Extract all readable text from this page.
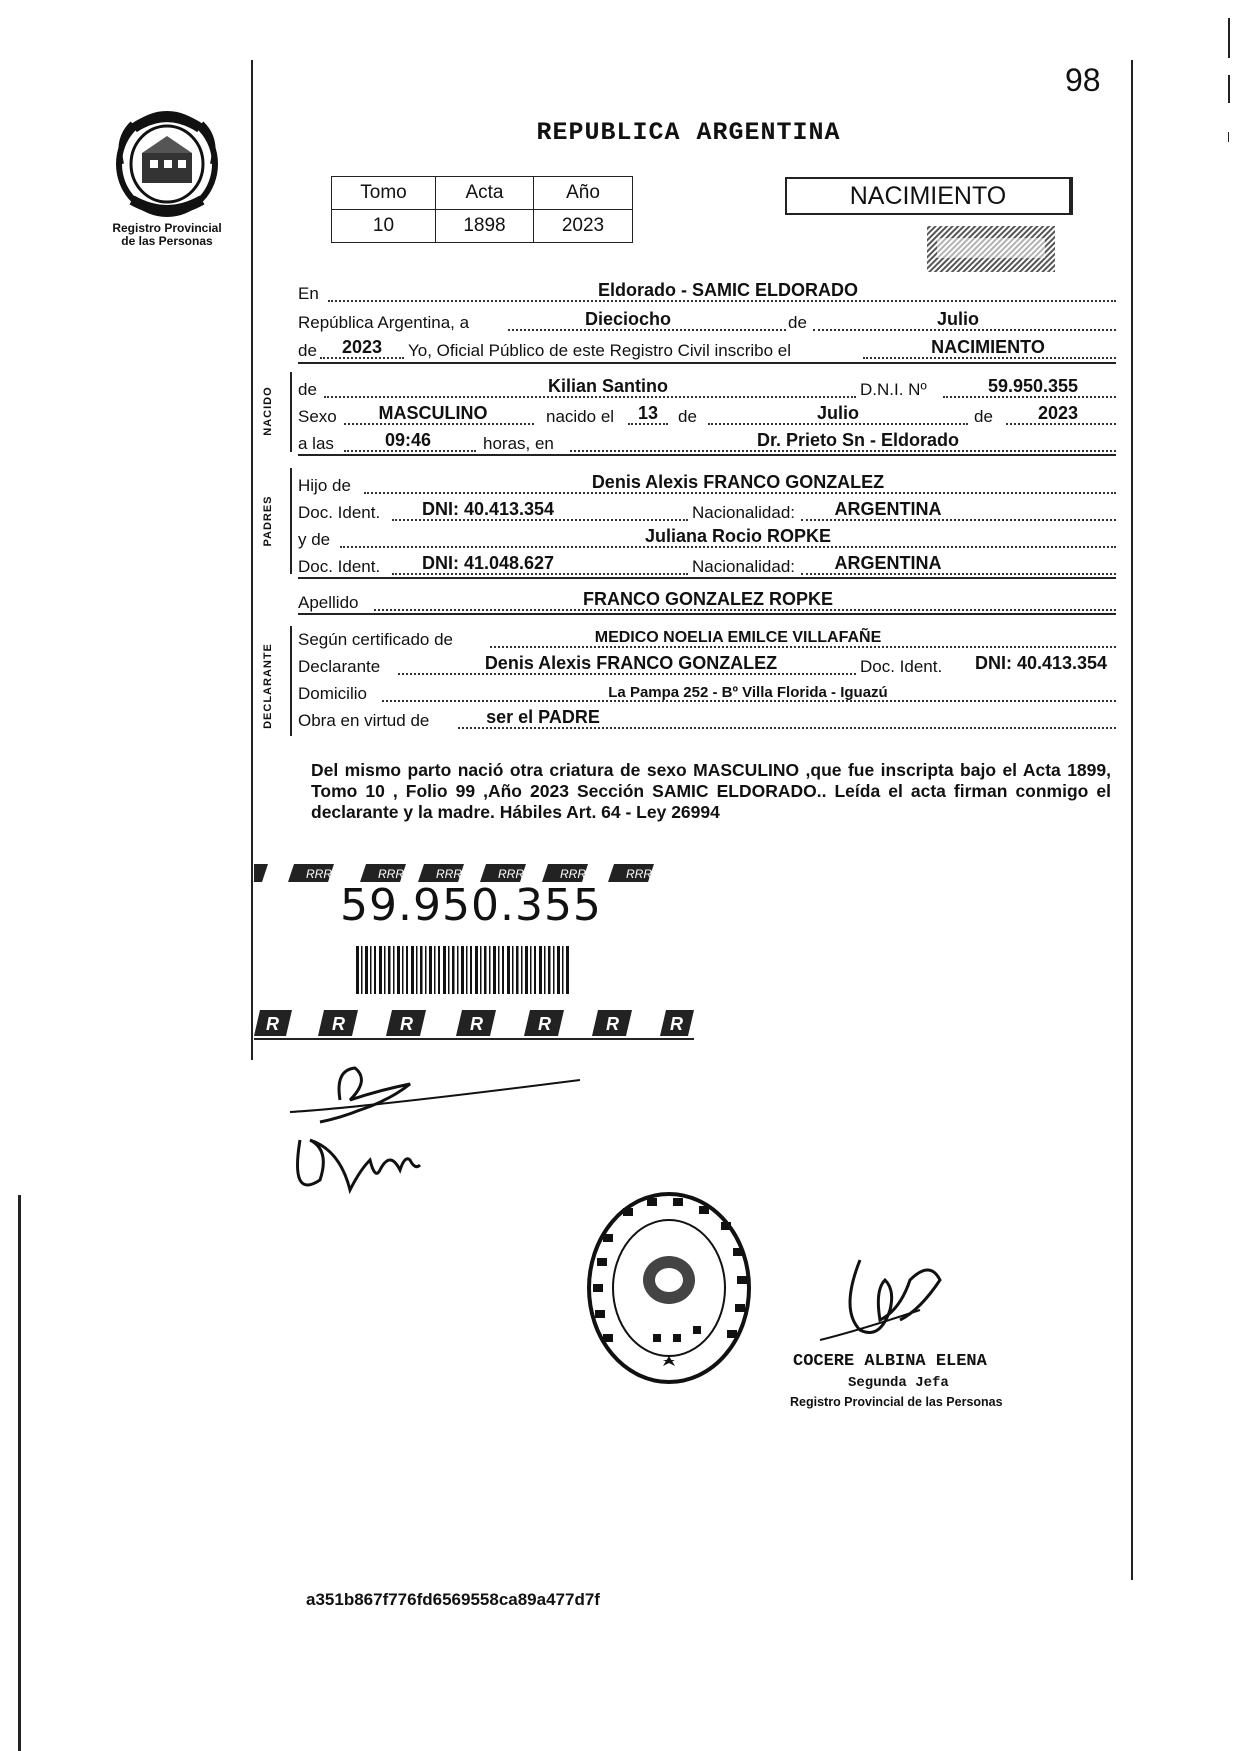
98
Registro Provincial
de las Personas
REPUBLICA ARGENTINA
Tomo	Acta	Año
10	1898	2023
NACIMIENTO
En	Eldorado - SAMIC ELDORADO
República Argentina, a	Dieciocho	de	Julio
de	2023	Yo, Oficial Público de este Registro Civil inscribo el	NACIMIENTO
NACIDO de	Kilian Santino	D.N.I. Nº	59.950.355
Sexo	MASCULINO	nacido el	13	de	Julio	de	2023
a las	09:46	horas, en	Dr. Prieto Sn - Eldorado
PADRES
Hijo de	Denis Alexis FRANCO GONZALEZ
Doc. Ident.	DNI: 40.413.354	Nacionalidad:	ARGENTINA
y de	Juliana Rocio ROPKE
Doc. Ident.	DNI: 41.048.627	Nacionalidad:	ARGENTINA
Apellido	FRANCO GONZALEZ ROPKE
DECLARANTE
Según certificado de	MEDICO NOELIA EMILCE VILLAFAÑE
Declarante	Denis Alexis FRANCO GONZALEZ	Doc. Ident.	DNI: 40.413.354
Domicilio	La Pampa 252 - Bº Villa Florida - Iguazú
Obra en virtud de	ser el PADRE
Del mismo parto nació otra criatura de sexo MASCULINO ,que fue inscripta bajo el Acta 1899, Tomo 10 , Folio 99 ,Año 2023 Sección SAMIC ELDORADO.. Leída el acta firman conmigo el declarante y la madre. Hábiles Art. 64 - Ley 26994
RRR	RRR	RRR	RRR	RRR	RRR
59.950.355
R	R	R	R	R	R	R
COCERE ALBINA ELENA
Segunda Jefa
Registro Provincial de las Personas
a351b867f776fd6569558ca89a477d7f
